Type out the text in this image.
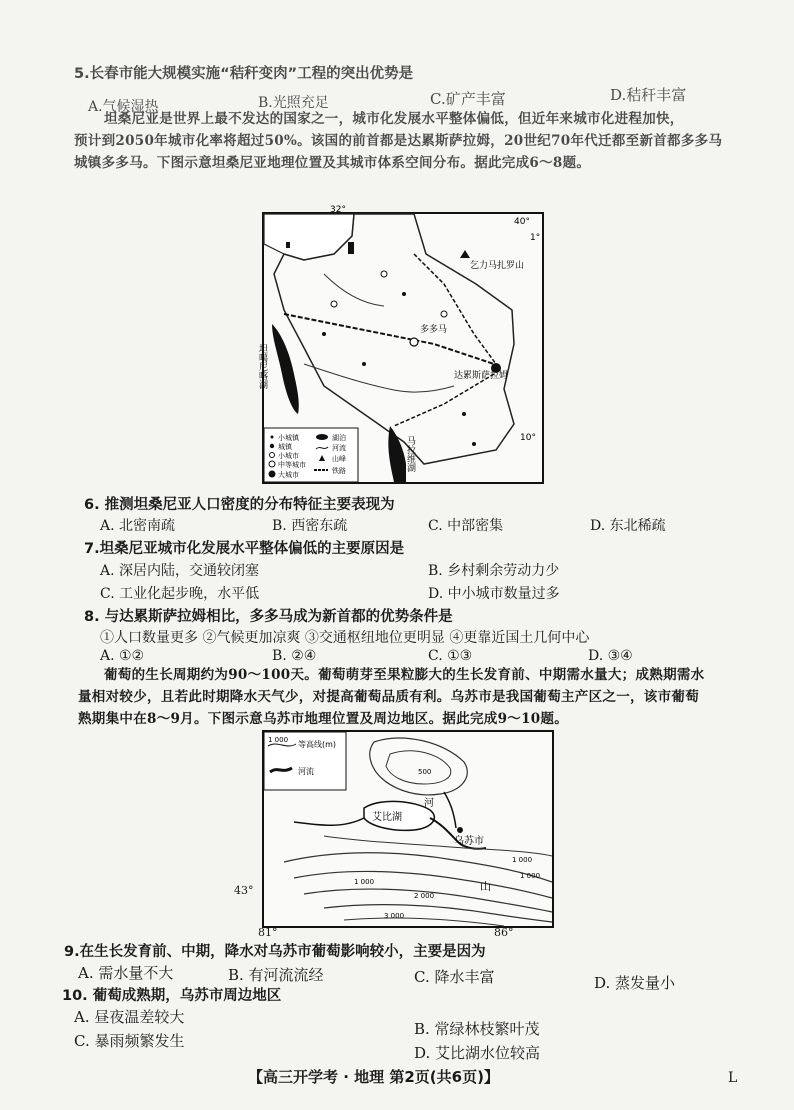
5.长春市能大规模实施“秸秆变肉”工程的突出优势是
A.气候湿热	B.光照充足	C.矿产丰富	D.秸秆丰富
坦桑尼亚是世界上最不发达的国家之一，城市化发展水平整体偏低，但近年来城市化进程加快，
预计到2050年城市化率将超过50%。该国的前首都是达累斯萨拉姆，20世纪70年代迁都至新首都多多马
城镇多多马。下图示意坦桑尼亚地理位置及其城市体系空间分布。据此完成6～8题。
乞力马扎罗山
多多马
达累斯萨拉姆
坦噶尼喀湖
马拉维湖
32°
40°
1°
10°
小城镇
城镇
小城市
中等城市
大城市
湖泊
河流
山峰
铁路
6. 推测坦桑尼亚人口密度的分布特征主要表现为
A. 北密南疏	B. 西密东疏	C. 中部密集	D. 东北稀疏
7.坦桑尼亚城市化发展水平整体偏低的主要原因是
A. 深居内陆，交通较闭塞	B. 乡村剩余劳动力少
C. 工业化起步晚，水平低	D. 中小城市数量过多
8. 与达累斯萨拉姆相比，多多马成为新首都的优势条件是
①人口数量更多 ②气候更加凉爽 ③交通枢纽地位更明显 ④更靠近国土几何中心
A. ①②	B. ②④	C. ①③	D. ③④
葡萄的生长周期约为90～100天。葡萄萌芽至果粒膨大的生长发育前、中期需水量大；成熟期需水
量相对较少，且若此时期降水天气少，对提高葡萄品质有利。乌苏市是我国葡萄主产区之一，该市葡萄
熟期集中在8～9月。下图示意乌苏市地理位置及周边地区。据此完成9～10题。
1 000 等高线(m)
河流
艾比湖
乌苏市
河
山
500
1 000
1 000
1 000
2 000
3 000
43°
81°	86°
9.在生长发育前、中期，降水对乌苏市葡萄影响较小，主要是因为
A. 需水量不大	B. 有河流流经	C. 降水丰富	D. 蒸发量小
10. 葡萄成熟期，乌苏市周边地区
A. 昼夜温差较大
B. 常绿林枝繁叶茂
C. 暴雨频繁发生
D. 艾比湖水位较高
【高三开学考 · 地理 第2页(共6页)】	L
